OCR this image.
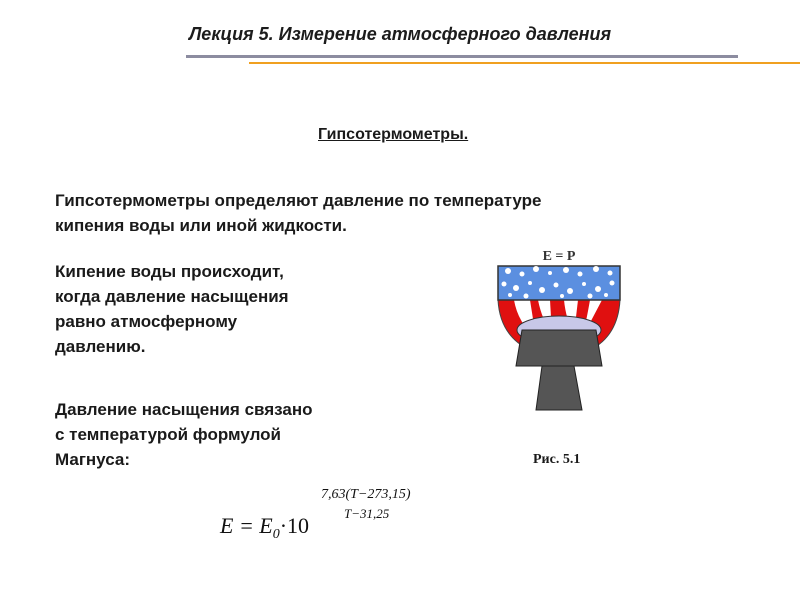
Лекция 5. Измерение атмосферного давления
Гипсотермометры.
Гипсотермометры определяют давление по температуре
кипения воды или иной жидкости.
Кипение воды происходит,
когда давление насыщения
равно атмосферному
давлению.
Давление насыщения связано
с температурой формулой
Магнуса:
E = P
Рис. 5.1
$E = E_0\cdot 10$
7,63(T−273,15)
T−31,25
